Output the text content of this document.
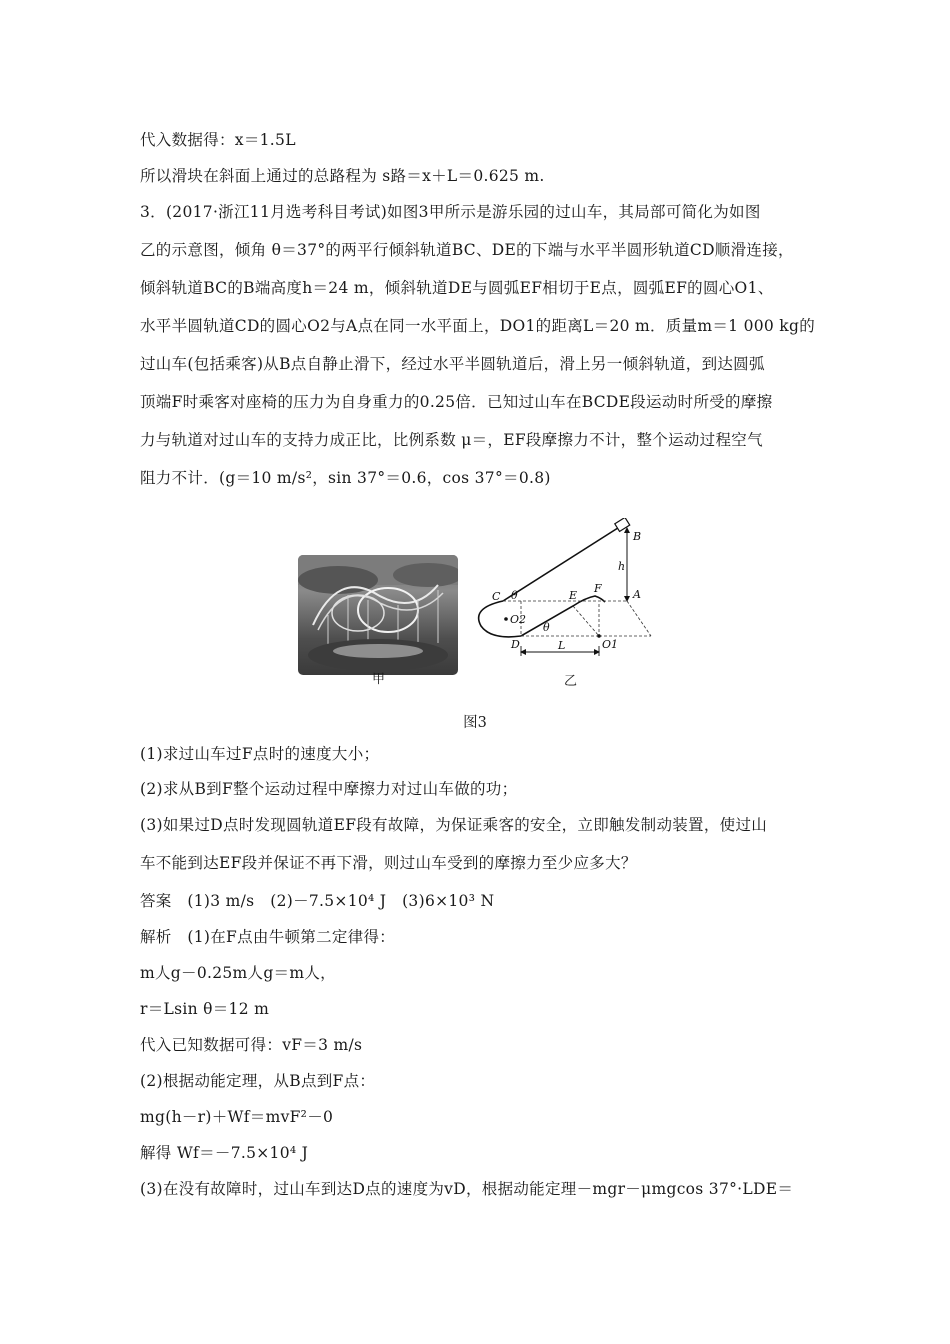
代入数据得：x＝1.5L
所以滑块在斜面上通过的总路程为 s路＝x＋L＝0.625 m.
3．(2017·浙江11月选考科目考试)如图3甲所示是游乐园的过山车，其局部可简化为如图
乙的示意图，倾角 θ＝37°的两平行倾斜轨道BC、DE的下端与水平半圆形轨道CD顺滑连接，
倾斜轨道BC的B端高度h＝24 m，倾斜轨道DE与圆弧EF相切于E点，圆弧EF的圆心O1、
水平半圆轨道CD的圆心O2与A点在同一水平面上，DO1的距离L＝20 m．质量m＝1 000 kg的
过山车(包括乘客)从B点自静止滑下，经过水平半圆轨道后，滑上另一倾斜轨道，到达圆弧
顶端F时乘客对座椅的压力为自身重力的0.25倍．已知过山车在BCDE段运动时所受的摩擦
力与轨道对过山车的支持力成正比，比例系数 μ＝，EF段摩擦力不计，整个运动过程空气
阻力不计．(g＝10 m/s²，sin 37°＝0.6，cos 37°＝0.8)
甲
B
h
A
C θ	E
F
O2
θ
D	O1
L
乙
图3
(1)求过山车过F点时的速度大小；
(2)求从B到F整个运动过程中摩擦力对过山车做的功；
(3)如果过D点时发现圆轨道EF段有故障，为保证乘客的安全，立即触发制动装置，使过山
车不能到达EF段并保证不再下滑，则过山车受到的摩擦力至少应多大？
答案　(1)3 m/s　(2)－7.5×10⁴ J　(3)6×10³ N
解析　(1)在F点由牛顿第二定律得：
m人g－0.25m人g＝m人，
r＝Lsin θ＝12 m
代入已知数据可得：vF＝3 m/s
(2)根据动能定理，从B点到F点：
mg(h－r)＋Wf＝mvF²－0
解得 Wf＝－7.5×10⁴ J
(3)在没有故障时，过山车到达D点的速度为vD，根据动能定理－mgr－μmgcos 37°·LDE＝
